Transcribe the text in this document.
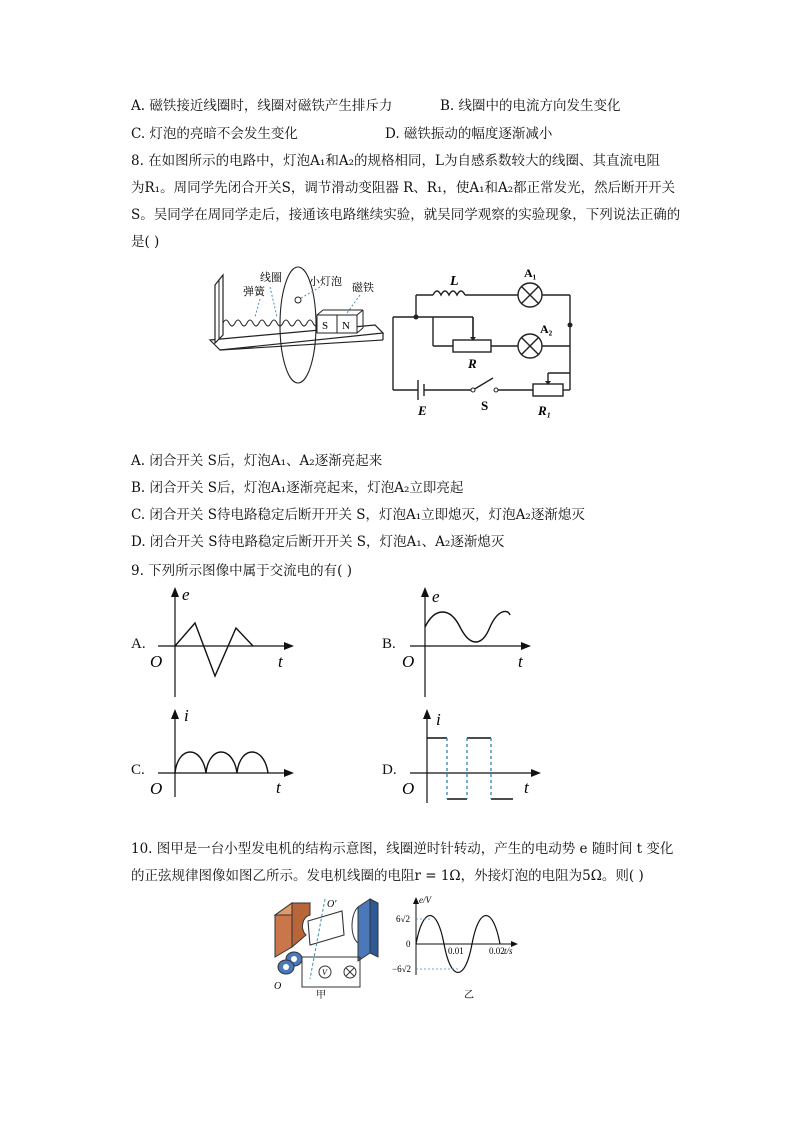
A. 磁铁接近线圈时，线圈对磁铁产生排斥力	B. 线圈中的电流方向发生变化
C. 灯泡的亮暗不会发生变化	D. 磁铁振动的幅度逐渐减小
8. 在如图所示的电路中，灯泡A₁和A₂的规格相同，L为自感系数较大的线圈、其直流电阻
为R₁。周同学先闭合开关S，调节滑动变阻器 R、R₁，使A₁和A₂都正常发光，然后断开开关
S。吴同学在周同学走后，接通该电路继续实验，就吴同学观察的实验现象，下列说法正确的
是( )
S N
线圈
弹簧
小灯泡 磁铁	L
A₁
A₂
R
E	S	R₁
A. 闭合开关 S后，灯泡A₁、A₂逐渐亮起来
B. 闭合开关 S后，灯泡A₁逐渐亮起来，灯泡A₂立即亮起
C. 闭合开关 S待电路稳定后断开开关 S，灯泡A₁立即熄灭，灯泡A₂逐渐熄灭
D. 闭合开关 S待电路稳定后断开开关 S，灯泡A₁、A₂逐渐熄灭
9. 下列所示图像中属于交流电的有( )
A.
e
t
O
B.
e
t
O
C.
i
t
O
D.
i
t
O
10. 图甲是一台小型发电机的结构示意图，线圈逆时针转动，产生的电动势 e 随时间 t 变化
的正弦规律图像如图乙所示。发电机线圈的电阻r = 1Ω，外接灯泡的电阻为5Ω。则( )
V
O′
O
甲
e/V
t/s
6√2
0
−6√2
0.01	0.02
乙
